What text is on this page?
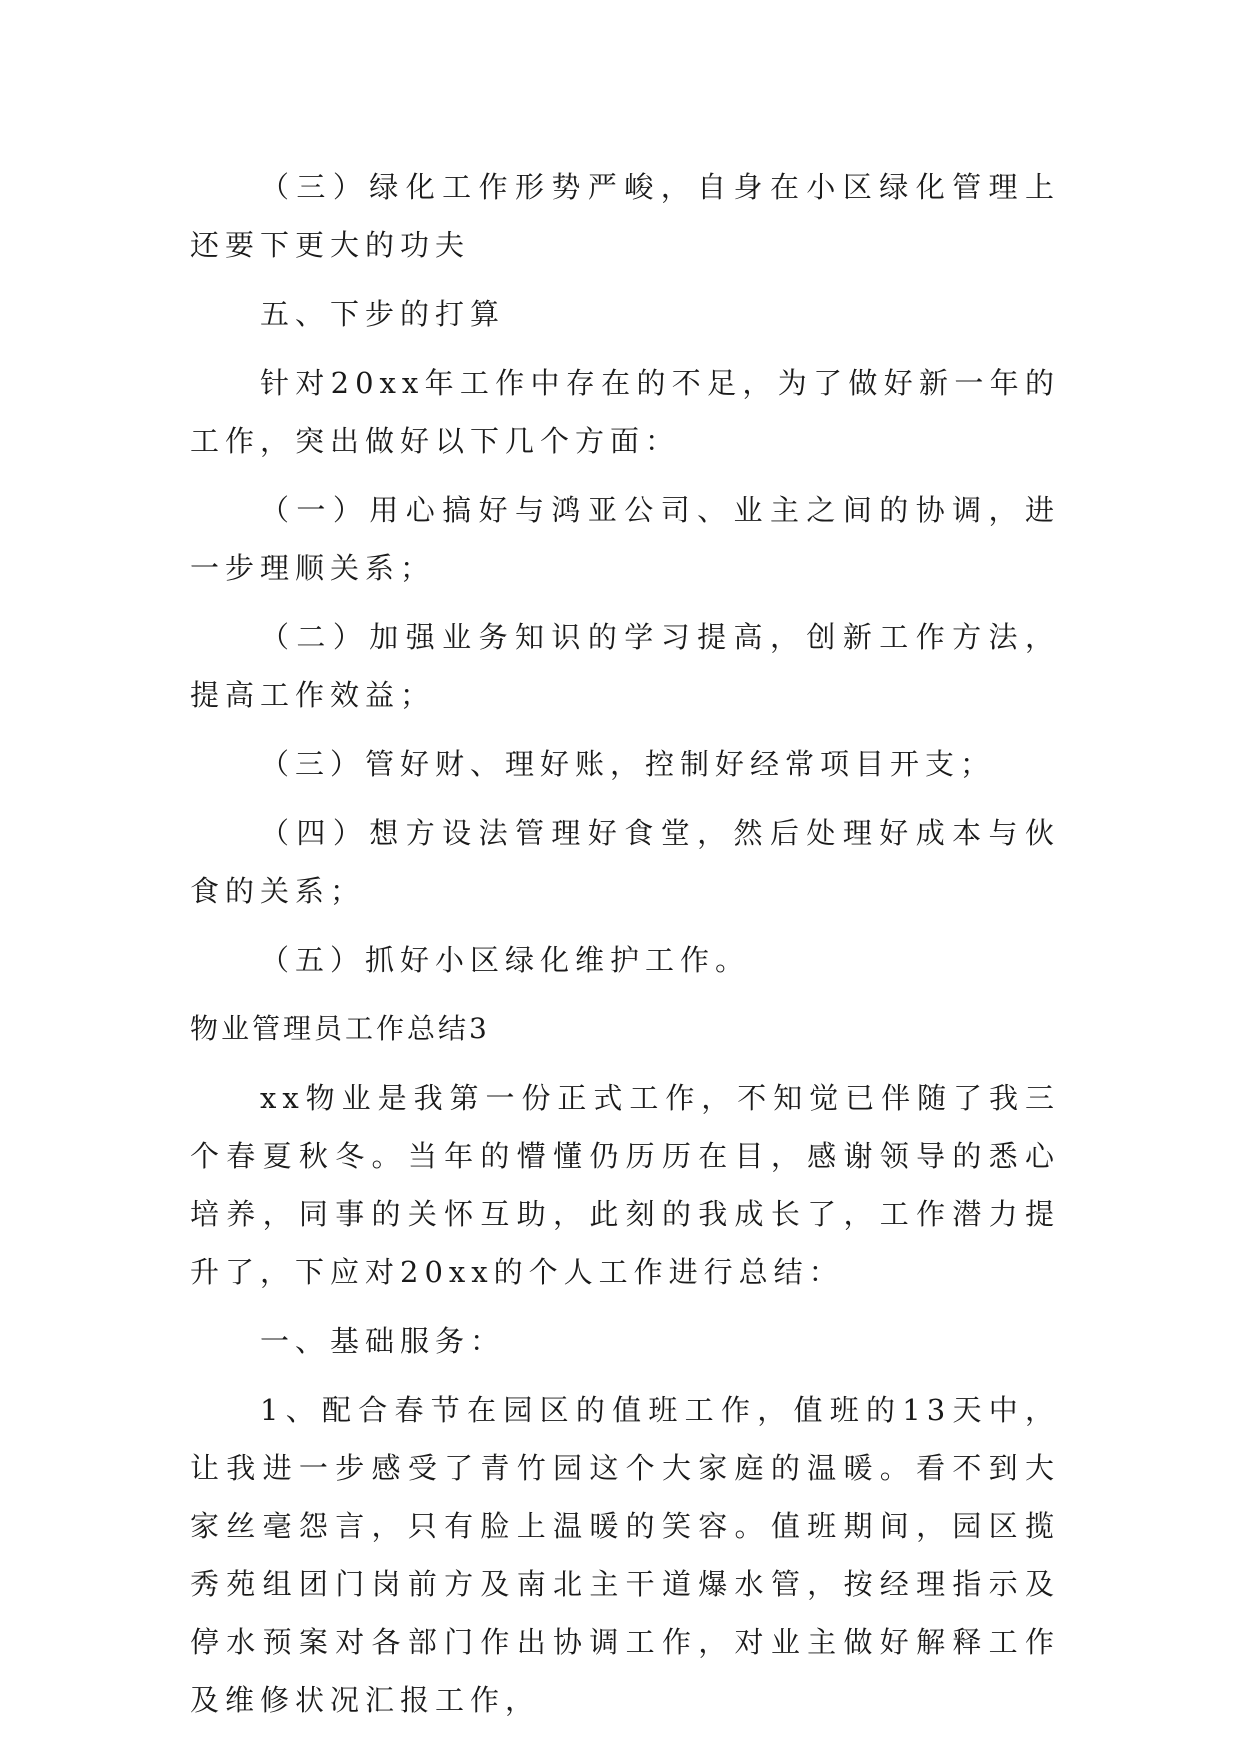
（三）绿化工作形势严峻，自身在小区绿化管理上还要下更大的功夫

五、下步的打算

针对20xx年工作中存在的不足，为了做好新一年的工作，突出做好以下几个方面：

（一）用心搞好与鸿亚公司、业主之间的协调，进一步理顺关系；

（二）加强业务知识的学习提高，创新工作方法，提高工作效益；

（三）管好财、理好账，控制好经常项目开支；

（四）想方设法管理好食堂，然后处理好成本与伙食的关系；

（五）抓好小区绿化维护工作。

物业管理员工作总结3

xx物业是我第一份正式工作，不知觉已伴随了我三个春夏秋冬。当年的懵懂仍历历在目，感谢领导的悉心培养，同事的关怀互助，此刻的我成长了，工作潜力提升了，下应对20xx的个人工作进行总结：

一、基础服务：

1、配合春节在园区的值班工作，值班的13天中，让我进一步感受了青竹园这个大家庭的温暖。看不到大家丝毫怨言，只有脸上温暖的笑容。值班期间，园区揽秀苑组团门岗前方及南北主干道爆水管，按经理指示及停水预案对各部门作出协调工作，对业主做好解释工作及维修状况汇报工作，
